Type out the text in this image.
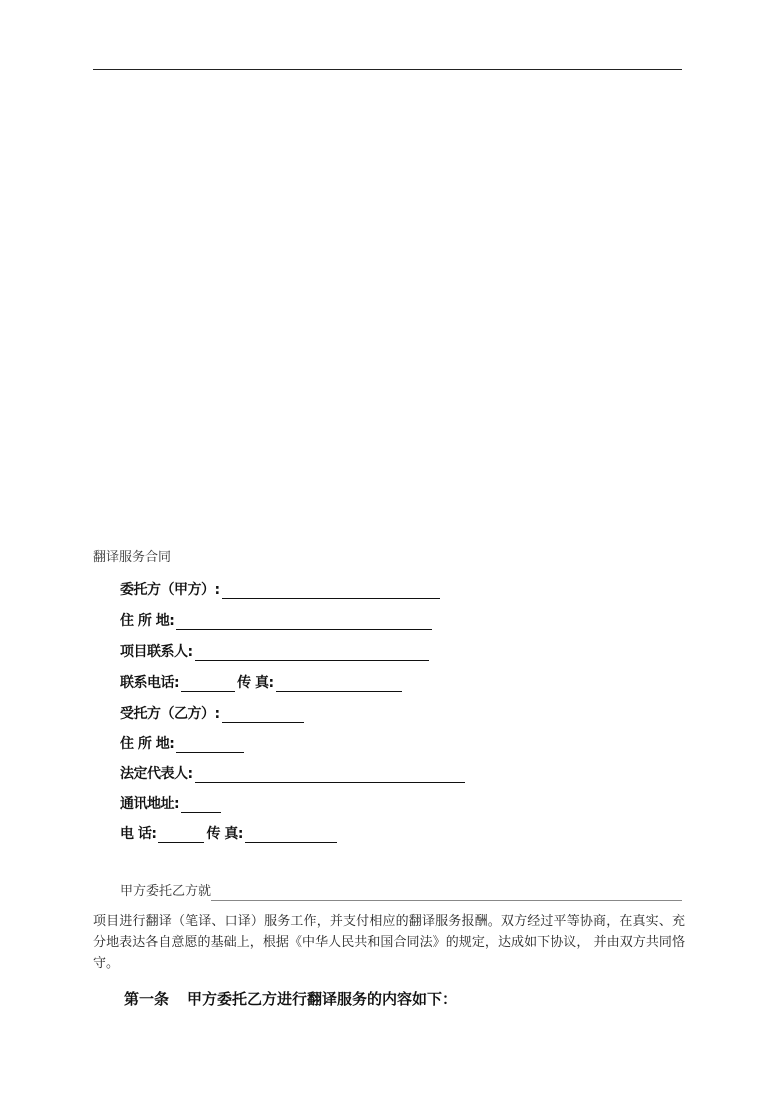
翻译服务合同
委托方（甲方）:
住 所 地:
项目联系人:
联系电话:	传 真:
受托方（乙方）:
住 所 地:
法定代表人:
通讯地址:
电 话:	传 真:
甲方委托乙方就
项目进行翻译（笔译、口译）服务工作，并支付相应的翻译服务报酬。双方经过平等协商，在真实、充分地表达各自意愿的基础上，根据《中华人民共和国合同法》的规定，达成如下协议， 并由双方共同恪守。
第一条 甲方委托乙方进行翻译服务的内容如下：
